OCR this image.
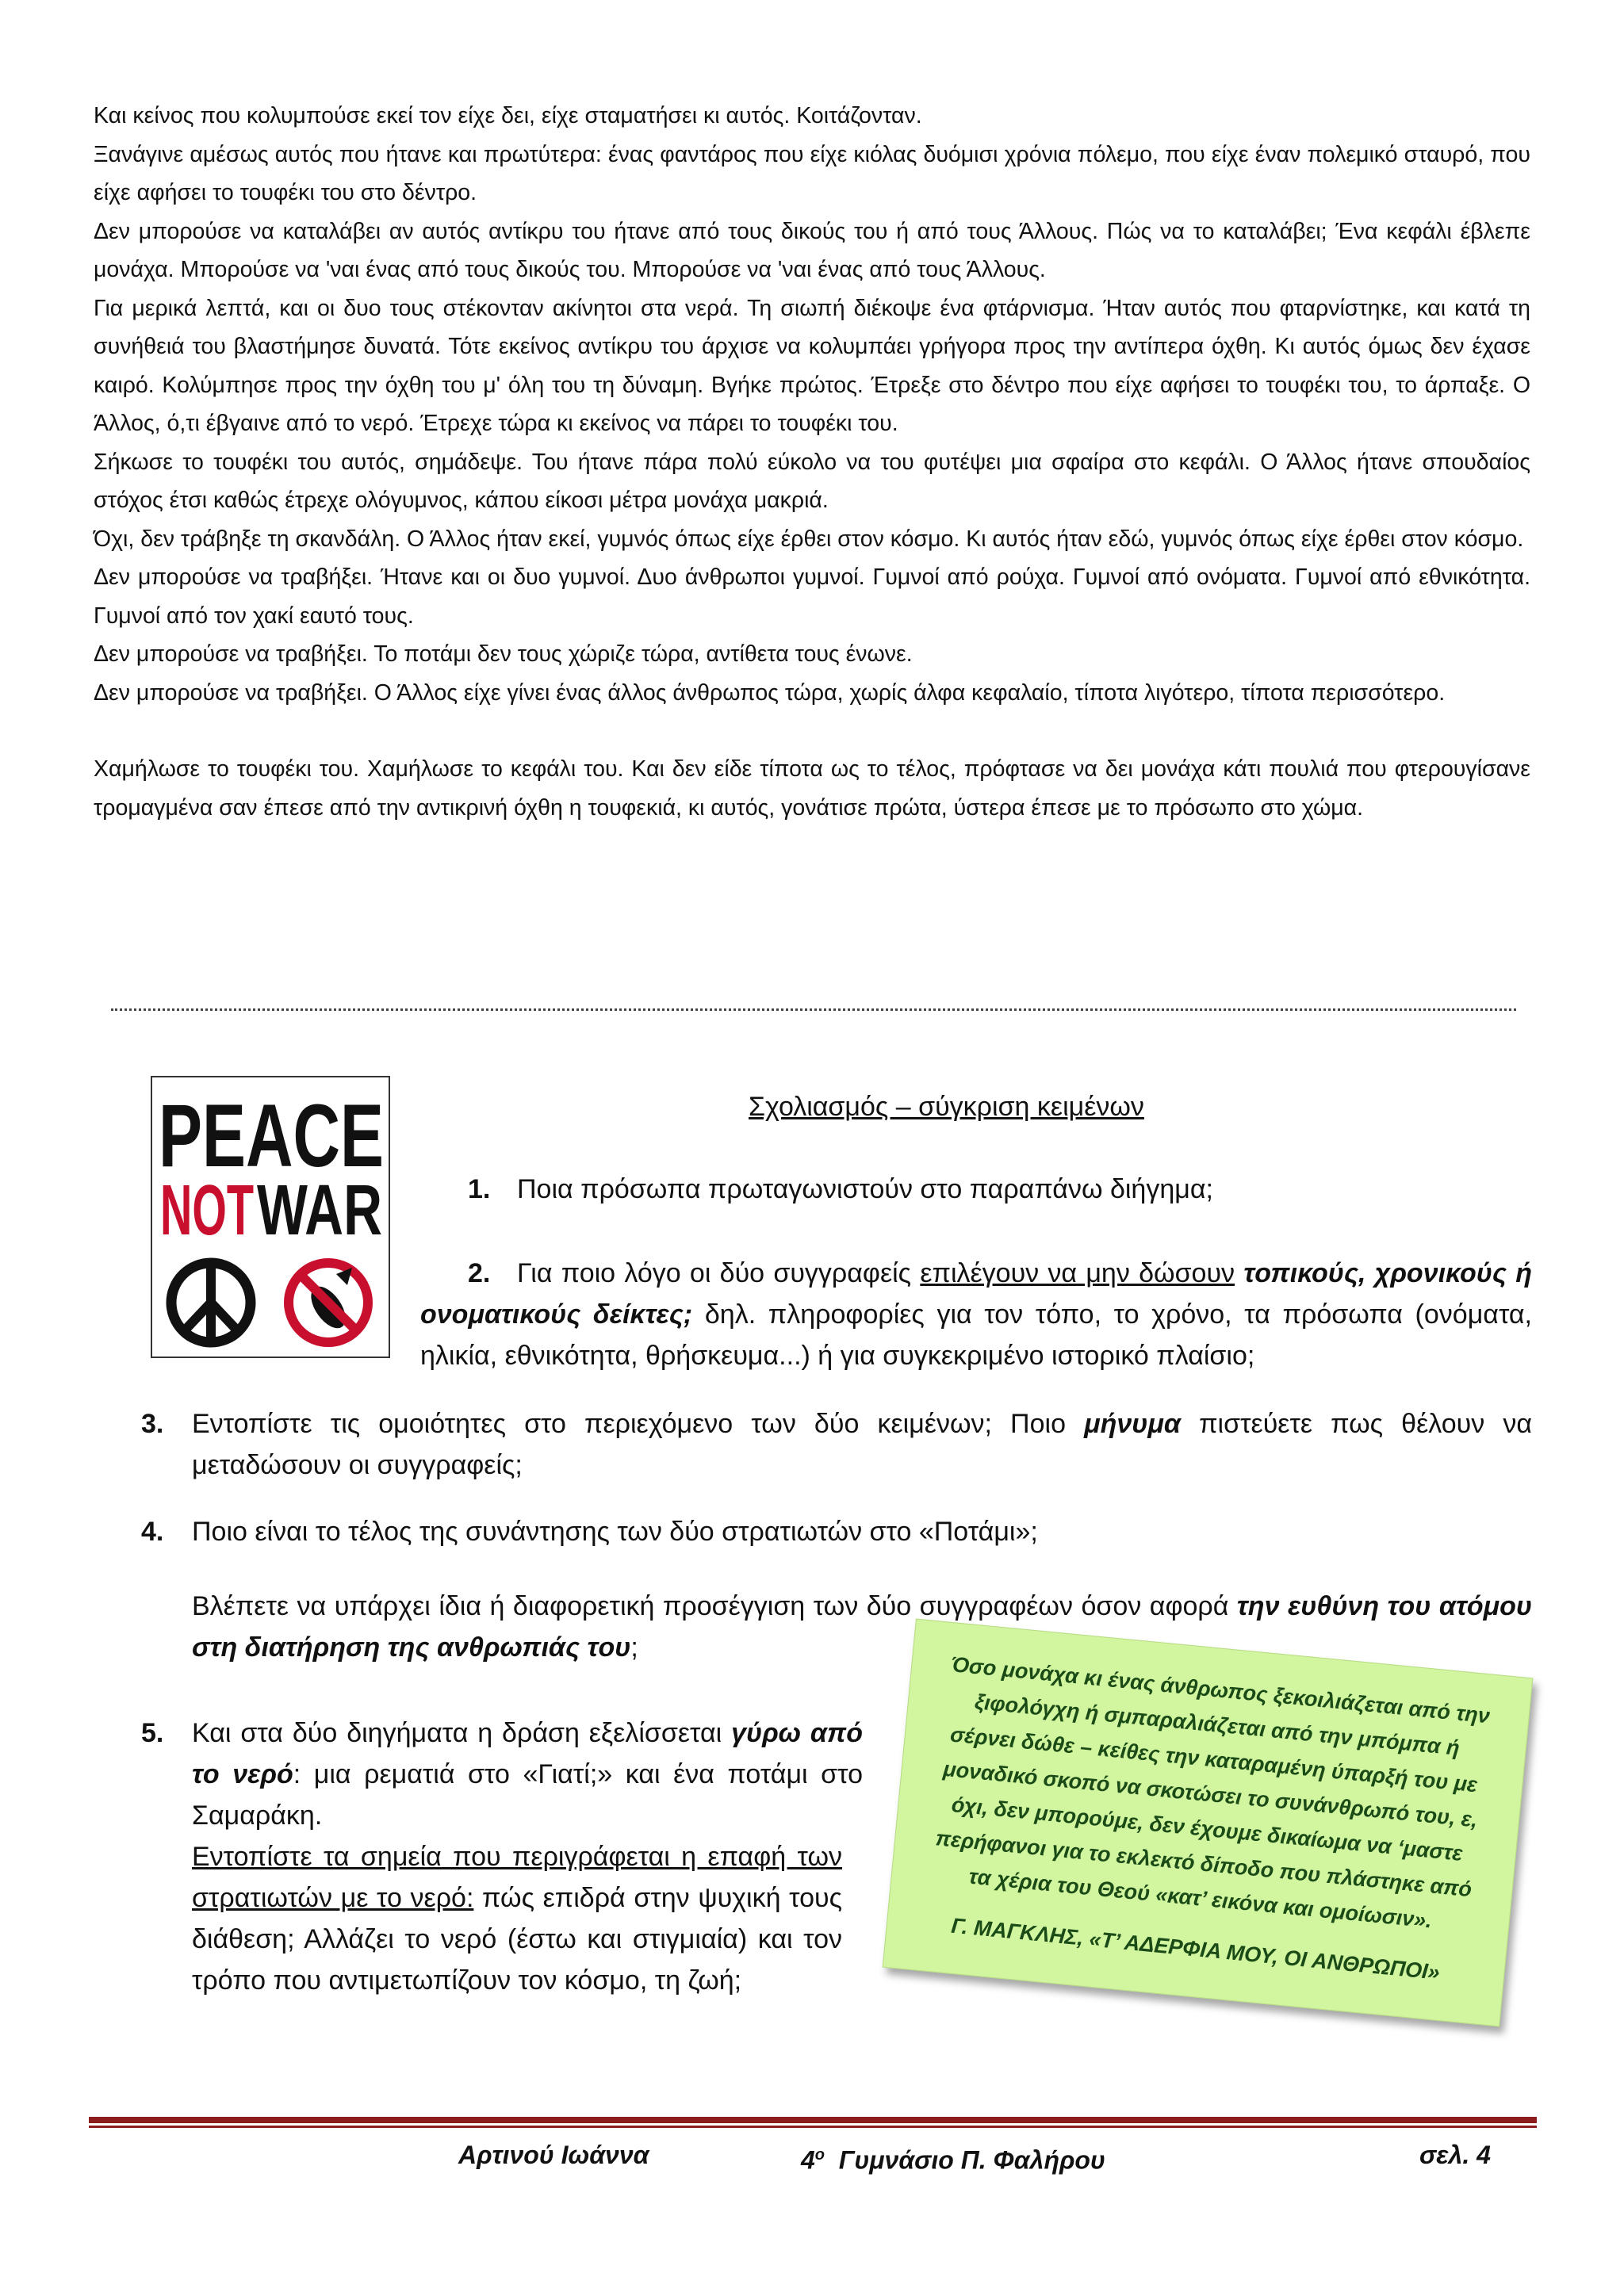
Και κείνος που κολυμπούσε εκεί τον είχε δει, είχε σταματήσει κι αυτός. Κοιτάζονταν.

Ξανάγινε αμέσως αυτός που ήτανε και πρωτύτερα: ένας φαντάρος που είχε κιόλας δυόμισι χρόνια πόλεμο, που είχε έναν πολεμικό σταυρό, που είχε αφήσει το τουφέκι του στο δέντρο.

Δεν μπορούσε να καταλάβει αν αυτός αντίκρυ του ήτανε από τους δικούς του ή από τους Άλλους. Πώς να το καταλάβει; Ένα κεφάλι έβλεπε μονάχα. Μπορούσε να 'ναι ένας από τους δικούς του. Μπορούσε να 'ναι ένας από τους Άλλους.

Για μερικά λεπτά, και οι δυο τους στέκονταν ακίνητοι στα νερά. Τη σιωπή διέκοψε ένα φτάρνισμα. Ήταν αυτός που φταρνίστηκε, και κατά τη συνήθειά του βλαστήμησε δυνατά. Τότε εκείνος αντίκρυ του άρχισε να κολυμπάει γρήγορα προς την αντίπερα όχθη. Κι αυτός όμως δεν έχασε καιρό. Κολύμπησε προς την όχθη του μ' όλη του τη δύναμη. Βγήκε πρώτος. Έτρεξε στο δέντρο που είχε αφήσει το τουφέκι του, το άρπαξε. Ο Άλλος, ό,τι έβγαινε από το νερό. Έτρεχε τώρα κι εκείνος να πάρει το τουφέκι του.

Σήκωσε το τουφέκι του αυτός, σημάδεψε. Του ήτανε πάρα πολύ εύκολο να του φυτέψει μια σφαίρα στο κεφάλι. Ο Άλλος ήτανε σπουδαίος στόχος έτσι καθώς έτρεχε ολόγυμνος, κάπου είκοσι μέτρα μονάχα μακριά.

Όχι, δεν τράβηξε τη σκανδάλη. Ο Άλλος ήταν εκεί, γυμνός όπως είχε έρθει στον κόσμο. Κι αυτός ήταν εδώ, γυμνός όπως είχε έρθει στον κόσμο.

Δεν μπορούσε να τραβήξει. Ήτανε και οι δυο γυμνοί. Δυο άνθρωποι γυμνοί. Γυμνοί από ρούχα. Γυμνοί από ονόματα. Γυμνοί από εθνικότητα. Γυμνοί από τον χακί εαυτό τους.

Δεν μπορούσε να τραβήξει. Το ποτάμι δεν τους χώριζε τώρα, αντίθετα τους ένωνε.

Δεν μπορούσε να τραβήξει. Ο Άλλος είχε γίνει ένας άλλος άνθρωπος τώρα, χωρίς άλφα κεφαλαίο, τίποτα λιγότερο, τίποτα περισσότερο.

Χαμήλωσε το τουφέκι του. Χαμήλωσε το κεφάλι του. Και δεν είδε τίποτα ως το τέλος, πρόφτασε να δει μονάχα κάτι πουλιά που φτερουγίσανε τρομαγμένα σαν έπεσε από την αντικρινή όχθη η τουφεκιά, κι αυτός, γονάτισε πρώτα, ύστερα έπεσε με το πρόσωπο στο χώμα.

PEACE
NOT WAR
Σχολιασμός – σύγκριση κειμένων
1. Ποια πρόσωπα πρωταγωνιστούν στο παραπάνω διήγημα;
2. Για ποιο λόγο οι δύο συγγραφείς επιλέγουν να μην δώσουν τοπικούς, χρονικούς ή ονοματικούς δείκτες; δηλ. πληροφορίες για τον τόπο, το χρόνο, τα πρόσωπα (ονόματα, ηλικία, εθνικότητα, θρήσκευμα...) ή για συγκεκριμένο ιστορικό πλαίσιο;
3. Εντοπίστε τις ομοιότητες στο περιεχόμενο των δύο κειμένων; Ποιο μήνυμα πιστεύετε πως θέλουν να μεταδώσουν οι συγγραφείς;
4. Ποιο είναι το τέλος της συνάντησης των δύο στρατιωτών στο «Ποτάμι»;
Βλέπετε να υπάρχει ίδια ή διαφορετική προσέγγιση των δύο συγγραφέων όσον αφορά την ευθύνη του ατόμου στη διατήρηση της ανθρωπιάς του;
5. Και στα δύο διηγήματα η δράση εξελίσσεται γύρω από το νερό: μια ρεματιά στο «Γιατί;» και ένα ποτάμι στο Σαμαράκη.
Εντοπίστε τα σημεία που περιγράφεται η επαφή των στρατιωτών με το νερό: πώς επιδρά στην ψυχική τους διάθεση; Αλλάζει το νερό (έστω και στιγμιαία) και τον τρόπο που αντιμετωπίζουν τον κόσμο, τη ζωή;
Όσο μονάχα κι ένας άνθρωπος ξεκοιλιάζεται από την ξιφολόγχη ή σμπαραλιάζεται από την μπόμπα ή σέρνει δώθε – κείθες την καταραμένη ύπαρξή του με μοναδικό σκοπό να σκοτώσει το συνάνθρωπό του, ε, όχι, δεν μπορούμε, δεν έχουμε δικαίωμα να ‘μαστε περήφανοι για το εκλεκτό δίποδο που πλάστηκε από τα χέρια του Θεού «κατ’ εικόνα και ομοίωσιν».
Γ. ΜΑΓΚΛΗΣ, «Τ’ ΑΔΕΡΦΙΑ ΜΟΥ, ΟΙ ΑΝΘΡΩΠΟΙ»
Αρτινού Ιωάννα	$4^o$ Γυμνάσιο Π. Φαλήρου	σελ. 4
